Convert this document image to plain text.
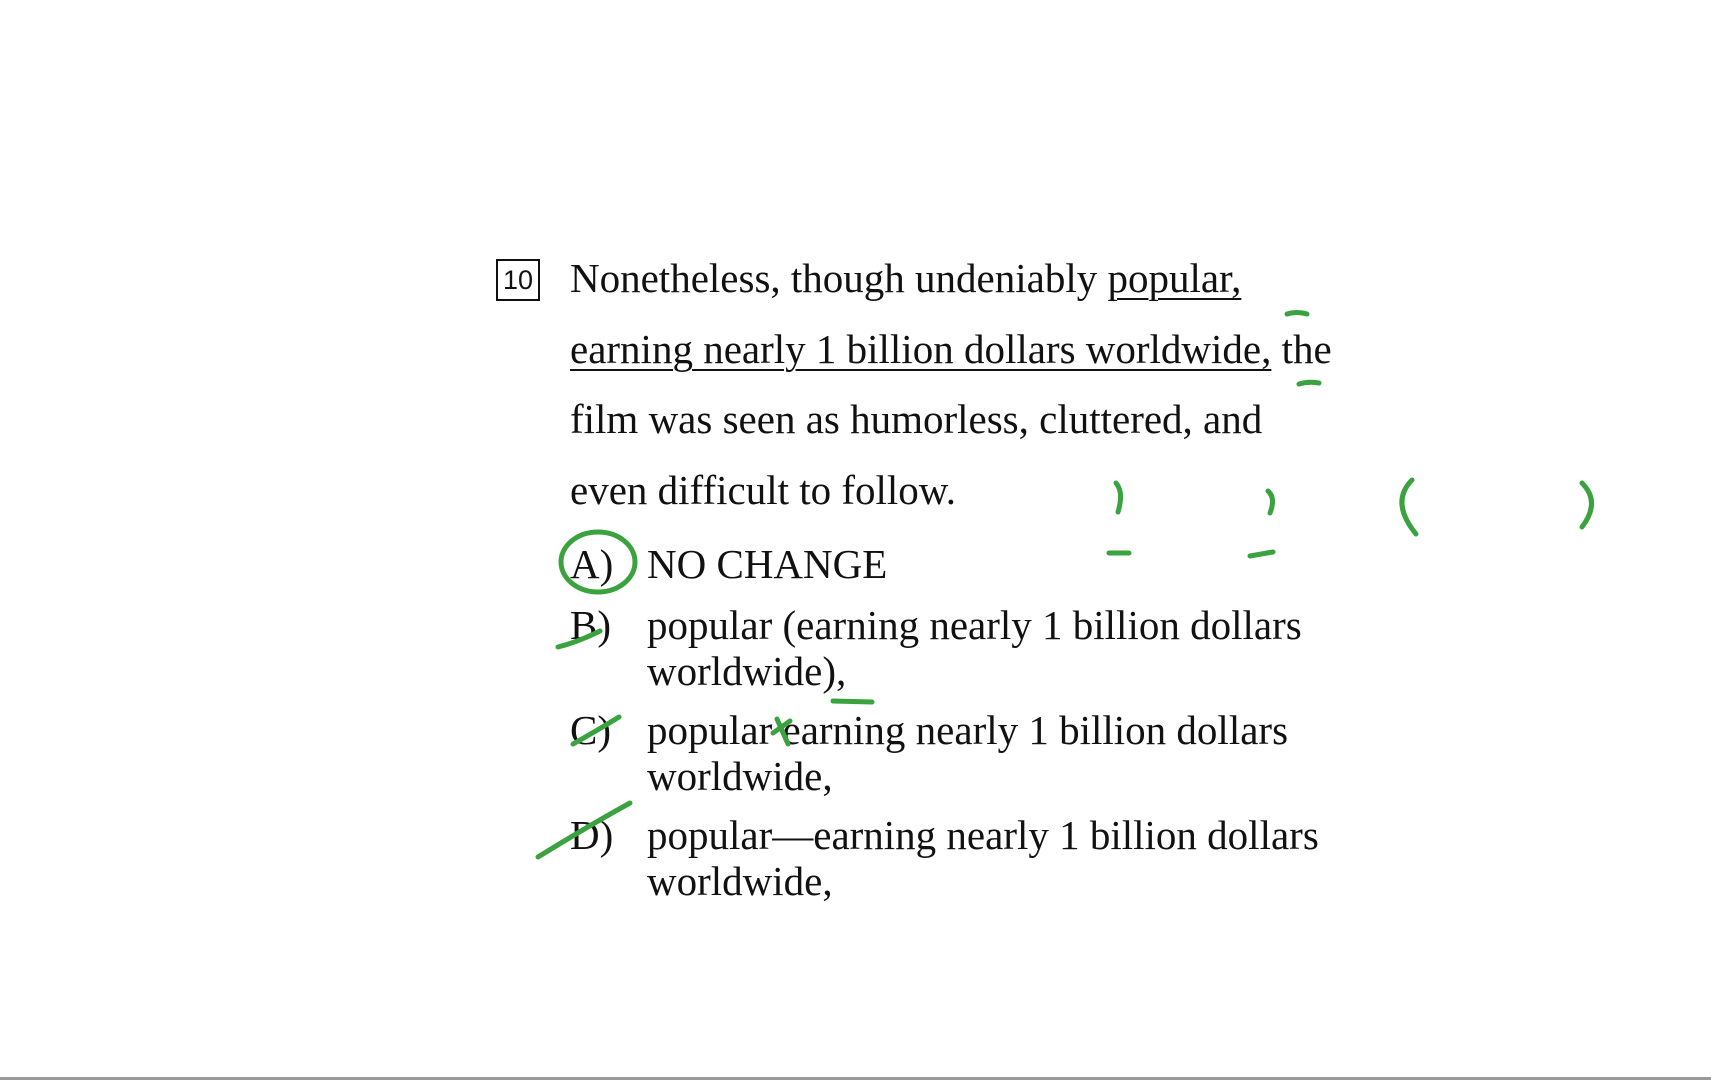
10 Nonetheless, though undeniably popular,
earning nearly 1 billion dollars worldwide, the
film was seen as humorless, cluttered, and
even difficult to follow.
A) NO CHANGE
B) popular (earning nearly 1 billion dollars
worldwide),
C) popular earning nearly 1 billion dollars
worldwide,
D) popular—earning nearly 1 billion dollars
worldwide,
